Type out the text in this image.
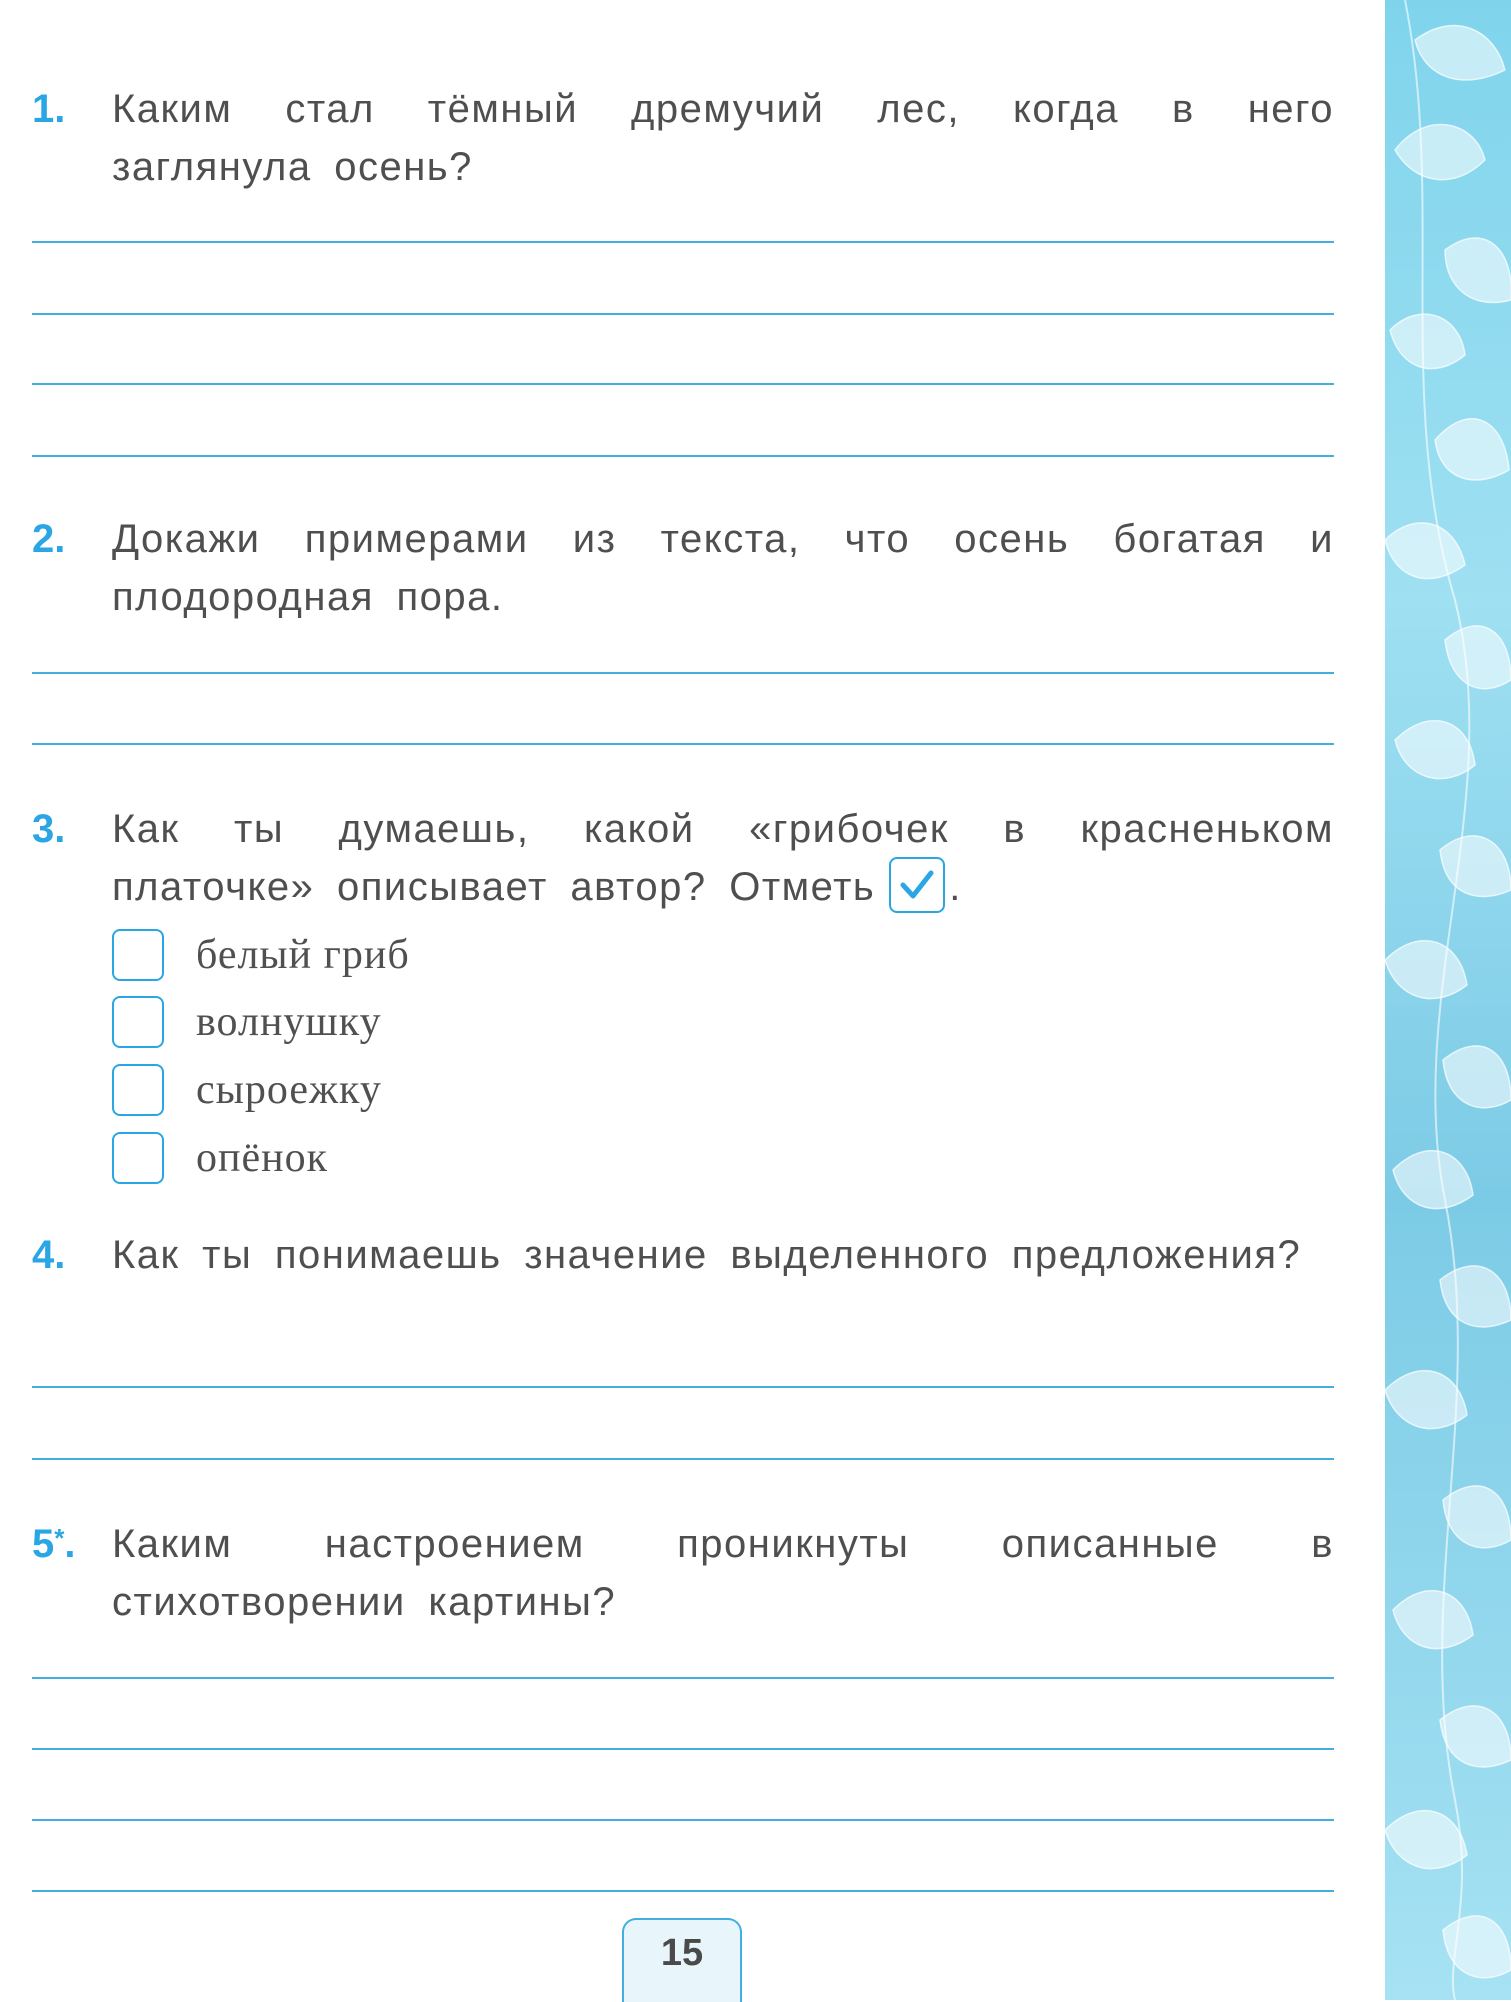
1. Каким стал тёмный дремучий лес, когда в него заглянула осень?
2. Докажи примерами из текста, что осень богатая и плодородная пора.
3. Как ты думаешь, какой «грибочек в красненьком платочке» описывает автор? Отметь .
белый гриб
волнушку
сыроежку
опёнок
4. Как ты понимаешь значение выделенного предложения?
5*. Каким настроением проникнуты описанные в стихотворении картины?
15
